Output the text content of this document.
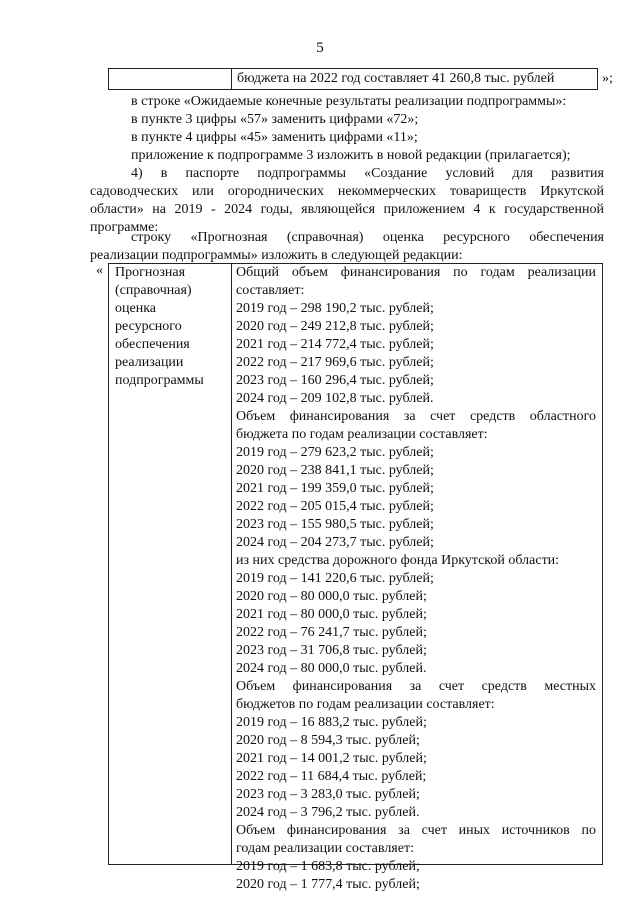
5
бюджета на 2022 год составляет 41 260,8 тыс. рублей	»;
в строке «Ожидаемые конечные результаты реализации подпрограммы»:
в пункте 3 цифры «57» заменить цифрами «72»;
в пункте 4 цифры «45» заменить цифрами «11»;
приложение к подпрограмме 3 изложить в новой редакции (прилагается);
4) в паспорте подпрограммы «Создание условий для развития
садоводческих или огороднических некоммерческих товариществ Иркутской
области» на 2019 - 2024 годы, являющейся приложением 4 к государственной
программе:
строку «Прогнозная (справочная) оценка ресурсного обеспечения
реализации подпрограммы» изложить в следующей редакции:
« Прогнозная
(справочная)
оценка
ресурсного
обеспечения
реализации
подпрограммы
Общий объем финансирования по годам реализации
составляет:
2019 год – 298 190,2 тыс. рублей;
2020 год – 249 212,8 тыс. рублей;
2021 год – 214 772,4 тыс. рублей;
2022 год – 217 969,6 тыс. рублей;
2023 год – 160 296,4 тыс. рублей;
2024 год – 209 102,8 тыс. рублей.
Объем финансирования за счет средств областного
бюджета по годам реализации составляет:
2019 год – 279 623,2 тыс. рублей;
2020 год – 238 841,1 тыс. рублей;
2021 год – 199 359,0 тыс. рублей;
2022 год – 205 015,4 тыс. рублей;
2023 год – 155 980,5 тыс. рублей;
2024 год – 204 273,7 тыс. рублей;
из них средства дорожного фонда Иркутской области:
2019 год – 141 220,6 тыс. рублей;
2020 год – 80 000,0 тыс. рублей;
2021 год – 80 000,0 тыс. рублей;
2022 год – 76 241,7 тыс. рублей;
2023 год – 31 706,8 тыс. рублей;
2024 год – 80 000,0 тыс. рублей.
Объем финансирования за счет средств местных
бюджетов по годам реализации составляет:
2019 год – 16 883,2 тыс. рублей;
2020 год – 8 594,3 тыс. рублей;
2021 год – 14 001,2 тыс. рублей;
2022 год – 11 684,4 тыс. рублей;
2023 год – 3 283,0 тыс. рублей;
2024 год – 3 796,2 тыс. рублей.
Объем финансирования за счет иных источников по
годам реализации составляет:
2019 год – 1 683,8 тыс. рублей;
2020 год – 1 777,4 тыс. рублей;
